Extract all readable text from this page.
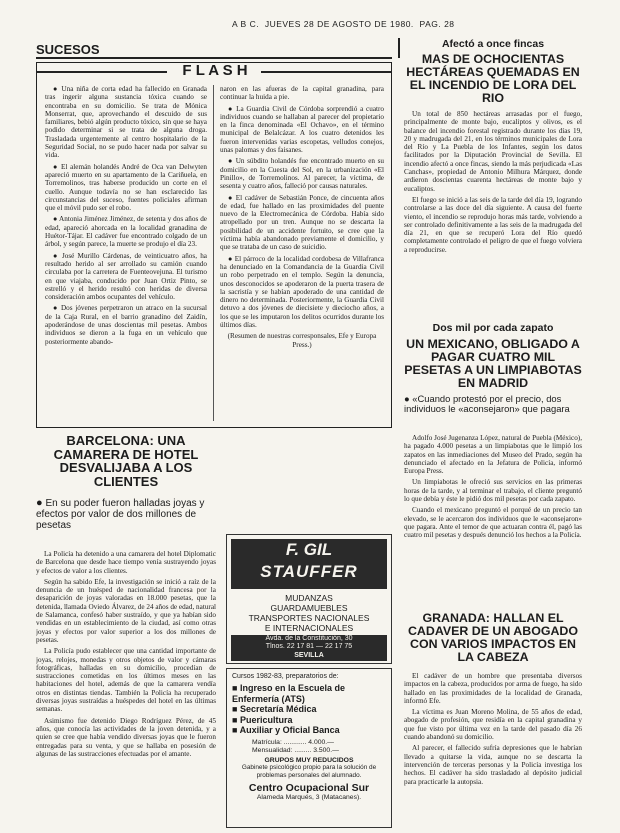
A B C. JUEVES 28 DE AGOSTO DE 1980. PAG. 28
SUCESOS
F L A S H

● Una niña de corta edad ha fallecido en Granada tras ingerir alguna sustancia tóxica cuando se encontraba en su domicilio. Se trata de Mónica Monserrat, que, aprovechando el descuido de sus familiares, bebió algún producto tóxico, sin que se haya podido determinar si se trata de alguna droga. Trasladada urgentemente al centro hospitalario de la Seguridad Social, no se pudo hacer nada por salvar su vida.

● El alemán holandés André de Oca van Delwyten apareció muerto en su apartamento de la Cariñuela, en Torremolinos, tras haberse producido un corte en el cuello. Aunque todavía no se han esclarecido las circunstancias del suceso, fuentes policiales afirman que el móvil pudo ser el robo.

● Antonia Jiménez Jiménez, de setenta y dos años de edad, apareció ahorcada en la localidad granadina de Huétor-Tájar. El cadáver fue encontrado colgado de un árbol, y según parece, la muerte se produjo el día 23.

● José Murillo Cárdenas, de veinticuatro años, ha resultado herido al ser arrollado su camión cuando circulaba por la carretera de Fuenteovejuna. El turismo en que viajaba, conducido por Juan Ortiz Pinto, se estrelló y el herido resultó con heridas de diversa consideración ambos ocupantes del vehículo.

● Dos jóvenes perpetraron un atraco en la sucursal de la Caja Rural, en el barrio granadino del Zaidín, apoderándose de unas doscientas mil pesetas. Ambos individuos se dieron a la fuga en un vehículo que posteriormente abando-

naron en las afueras de la capital granadina, para continuar la huida a pie.

● La Guardia Civil de Córdoba sorprendió a cuatro individuos cuando se hallaban al parecer del propietario en la finca denominada «El Ochavo», en el término municipal de Belalcázar. A los cuatro detenidos les fueron intervenidas varias escopetas, velludos conejos, unas palomas y dos faisanes.

● Un súbdito holandés fue encontrado muerto en su domicilio en la Cuesta del Sol, en la urbanización «El Pinillo», de Torremolinos. Al parecer, la víctima, de sesenta y cuatro años, falleció por causas naturales.

● El cadáver de Sebastián Ponce, de cincuenta años de edad, fue hallado en las proximidades del puente nuevo de la Electromecánica de Córdoba. Había sido atropellado por un tren. Aunque no se descarta la posibilidad de un accidente fortuito, se cree que la víctima había abandonado previamente el domicilio, y que se trataba de un caso de suicidio.

● El párroco de la localidad cordobesa de Villafranca ha denunciado en la Comandancia de la Guardia Civil un robo perpetrado en el templo. Según la denuncia, unos desconocidos se apoderaron de la puerta trasera de la sacristía y se habían apoderado de una cantidad de dinero no determinada. Posteriormente, la Guardia Civil detuvo a dos jóvenes de diecisiete y dieciocho años, a los que se les imputaron los delitos ocurridos durante los últimos días.

(Resumen de nuestras corresponsales, Efe y Europa Press.)

BARCELONA: UNA CAMARERA DE HOTEL DESVALIJABA A LOS CLIENTES
● En su poder fueron halladas joyas y efectos por valor de dos millones de pesetas

La Policía ha detenido a una camarera del hotel Diplomatic de Barcelona que desde hace tiempo venía sustrayendo joyas y efectos de valor a los clientes.

Según ha sabido Efe, la investigación se inició a raíz de la denuncia de un huésped de nacionalidad francesa por la desaparición de joyas valoradas en 18.000 pesetas, que la detenida, llamada Oviedo Álvarez, de 24 años de edad, natural de Salamanca, confesó haber sustraído, y que ya habían sido vendidas en un establecimiento de la ciudad, así como otras joyas y efectos por valor superior a los dos millones de pesetas.

La Policía pudo establecer que una cantidad importante de joyas, relojes, monedas y otros objetos de valor y cámaras fotográficas, halladas en su domicilio, procedían de sustracciones cometidas en los últimos meses en las habitaciones del hotel, además de que la camarera vendía otros en distintas tiendas. También la Policía ha recuperado diversas joyas sustraídas a huéspedes del hotel en las últimas semanas.

Asimismo fue detenido Diego Rodríguez Pérez, de 45 años, que conocía las actividades de la joven detenida, y a quien se cree que había vendido diversas joyas que le fueron entregadas para su venta, y que se hallaba en posesión de algunas de las sustracciones efectuadas por el amante.

F. GIL
STAUFFER
MUDANZAS
GUARDAMUEBLES
TRANSPORTES NACIONALES
E INTERNACIONALES
Avda. de la Constitución, 30
Tlnos. 22 17 81 — 22 17 75
SEVILLA
Cursos 1982-83, preparatorios de:
■ Ingreso en la Escuela de Enfermería (ATS)
■ Secretaría Médica
■ Puericultura
■ Auxiliar y Oficial Banca
Matrícula: ............ 4.000.—
Mensualidad: ......... 3.500.—
GRUPOS MUY REDUCIDOS
Gabinete psicológico propio para la solución de problemas personales del alumnado.
Centro Ocupacional Sur
Alameda Marqués, 3 (Matacanes).
Afectó a once fincas
MAS DE OCHOCIENTAS HECTÁREAS QUEMADAS EN EL INCENDIO DE LORA DEL RIO

Un total de 850 hectáreas arrasadas por el fuego, principalmente de monte bajo, eucaliptos y olivos, es el balance del incendio forestal registrado durante los días 19, 20 y madrugada del 21, en los términos municipales de Lora del Río y La Puebla de los Infantes, según los datos facilitados por la Diputación Provincial de Sevilla. El incendio afectó a once fincas, siendo la más perjudicada «Las Canchas», propiedad de Antonio Milhura Márquez, donde ardieron doscientas cuarenta hectáreas de monte bajo y eucaliptos.

El fuego se inició a las seis de la tarde del día 19, logrando controlarse a las doce del día siguiente. A causa del fuerte viento, el incendio se reprodujo horas más tarde, volviendo a ser controlado definitivamente a las seis de la madrugada del día 21, en que se recuperó Lora del Río quedó completamente controlado el peligro de que el fuego volviera a reproducirse.

Dos mil por cada zapato
UN MEXICANO, OBLIGADO A PAGAR CUATRO MIL PESETAS A UN LIMPIABOTAS EN MADRID
● «Cuando protestó por el precio, dos individuos le «aconsejaron» que pagara

Adolfo José Jugenanza López, natural de Puebla (México), ha pagado 4.000 pesetas a un limpiabotas que le limpió los zapatos en las inmediaciones del Museo del Prado, según ha denunciado el afectado en la Jefatura de Policía, informó Europa Press.

Un limpiabotas le ofreció sus servicios en las primeras horas de la tarde, y al terminar el trabajo, el cliente preguntó lo que debía y éste le pidió dos mil pesetas por cada zapato.

Cuando el mexicano preguntó el porqué de un precio tan elevado, se le acercaron dos individuos que le «aconsejaron» que pagara. Ante el temor de que actuaran contra él, pagó las cuatro mil pesetas y después denunció los hechos a la Policía.

GRANADA: HALLAN EL CADAVER DE UN ABOGADO CON VARIOS IMPACTOS EN LA CABEZA

El cadáver de un hombre que presentaba diversos impactos en la cabeza, producidos por arma de fuego, ha sido hallado en las proximidades de la localidad de Granada, informó Efe.

La víctima es Juan Moreno Molina, de 55 años de edad, abogado de profesión, que residía en la capital granadina y que fue visto por última vez en la tarde del pasado día 26 cuando abandonó su domicilio.

Al parecer, el fallecido sufría depresiones que le habrían llevado a quitarse la vida, aunque no se descarta la intervención de terceras personas y la Policía investiga los hechos. El cadáver ha sido trasladado al depósito judicial para practicarle la autopsia.
